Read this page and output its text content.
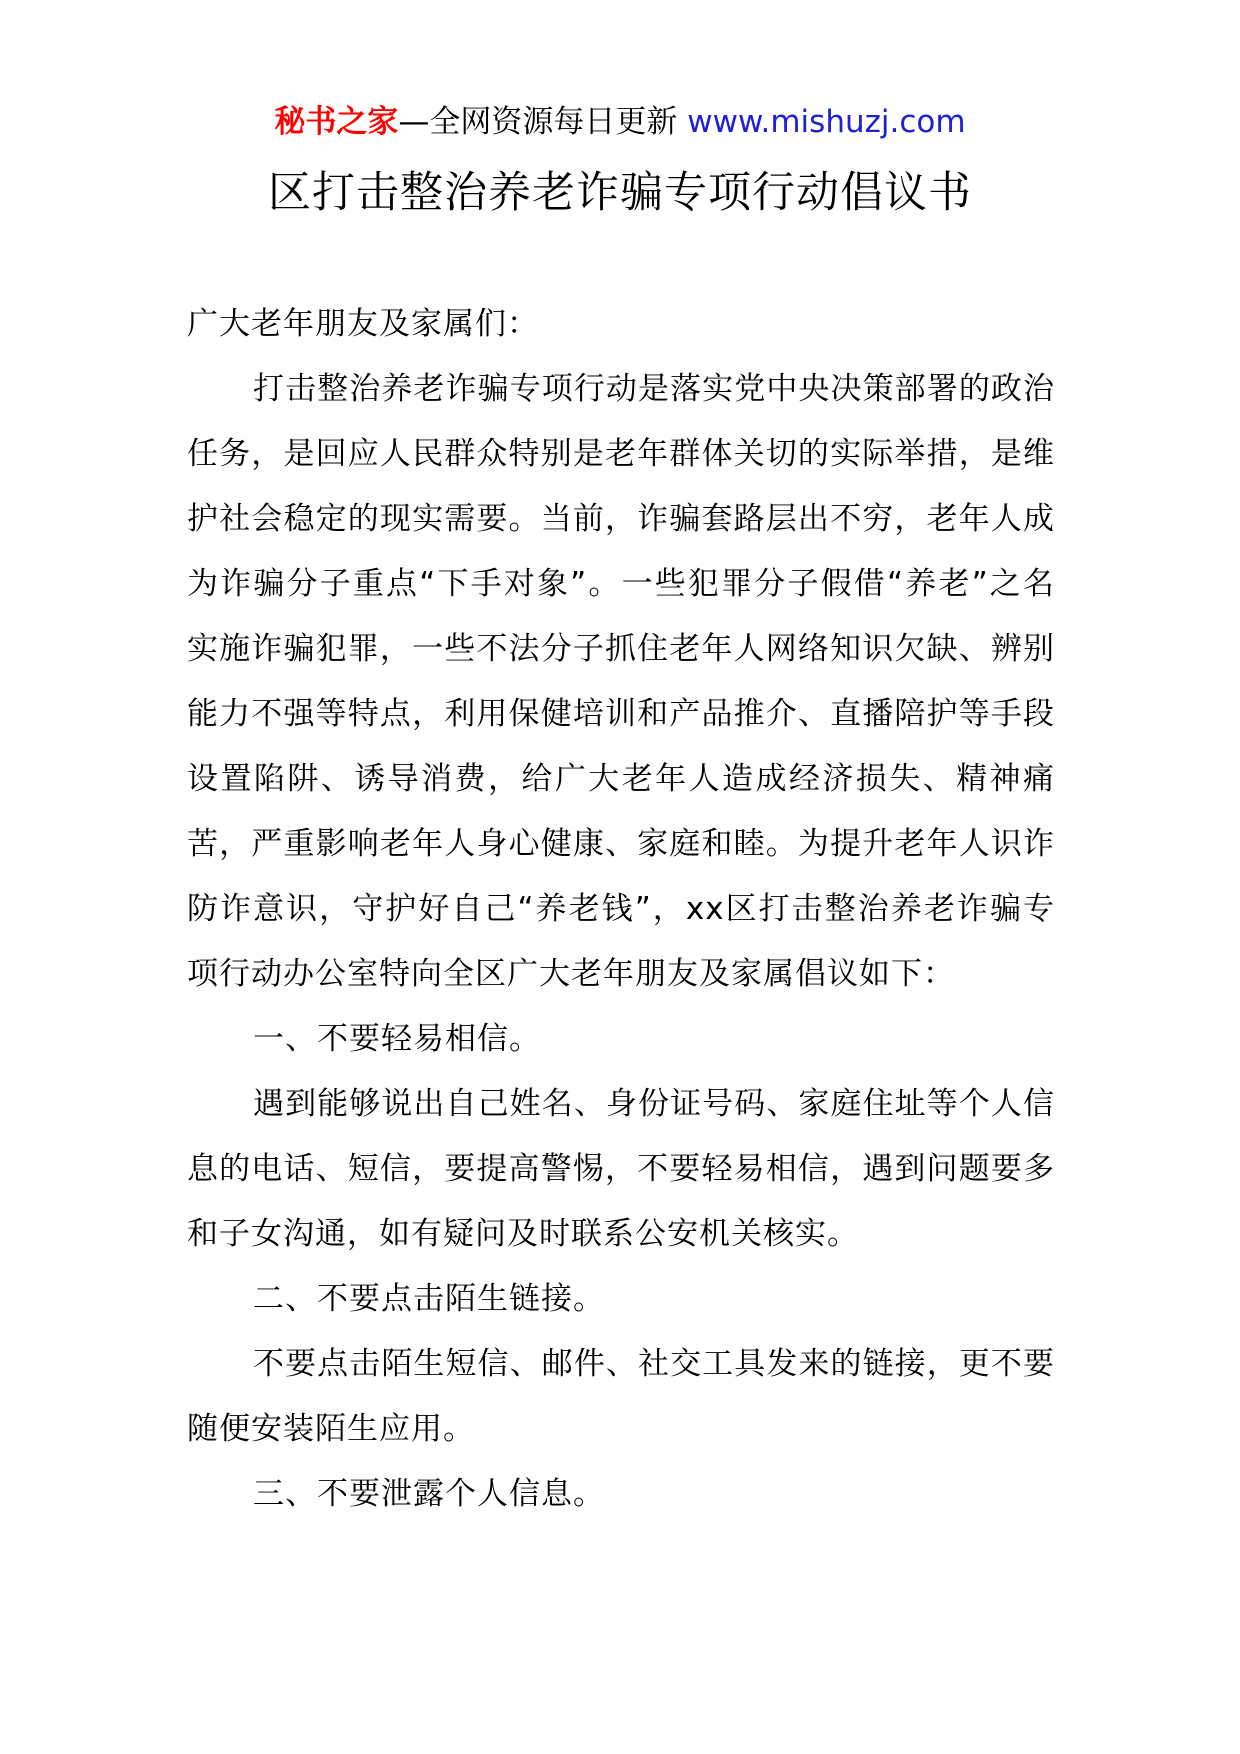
秘书之家—全网资源每日更新 www.mishuzj.com
区打击整治养老诈骗专项行动倡议书

广大老年朋友及家属们：

打击整治养老诈骗专项行动是落实党中央决策部署的政治任务，是回应人民群众特别是老年群体关切的实际举措，是维护社会稳定的现实需要。当前，诈骗套路层出不穷，老年人成为诈骗分子重点“下手对象”。一些犯罪分子假借“养老”之名实施诈骗犯罪，一些不法分子抓住老年人网络知识欠缺、辨别能力不强等特点，利用保健培训和产品推介、直播陪护等手段设置陷阱、诱导消费，给广大老年人造成经济损失、精神痛苦，严重影响老年人身心健康、家庭和睦。为提升老年人识诈防诈意识，守护好自己“养老钱”，xx区打击整治养老诈骗专项行动办公室特向全区广大老年朋友及家属倡议如下：

一、不要轻易相信。

遇到能够说出自己姓名、身份证号码、家庭住址等个人信息的电话、短信，要提高警惕，不要轻易相信，遇到问题要多和子女沟通，如有疑问及时联系公安机关核实。

二、不要点击陌生链接。

不要点击陌生短信、邮件、社交工具发来的链接，更不要随便安装陌生应用。

三、不要泄露个人信息。
